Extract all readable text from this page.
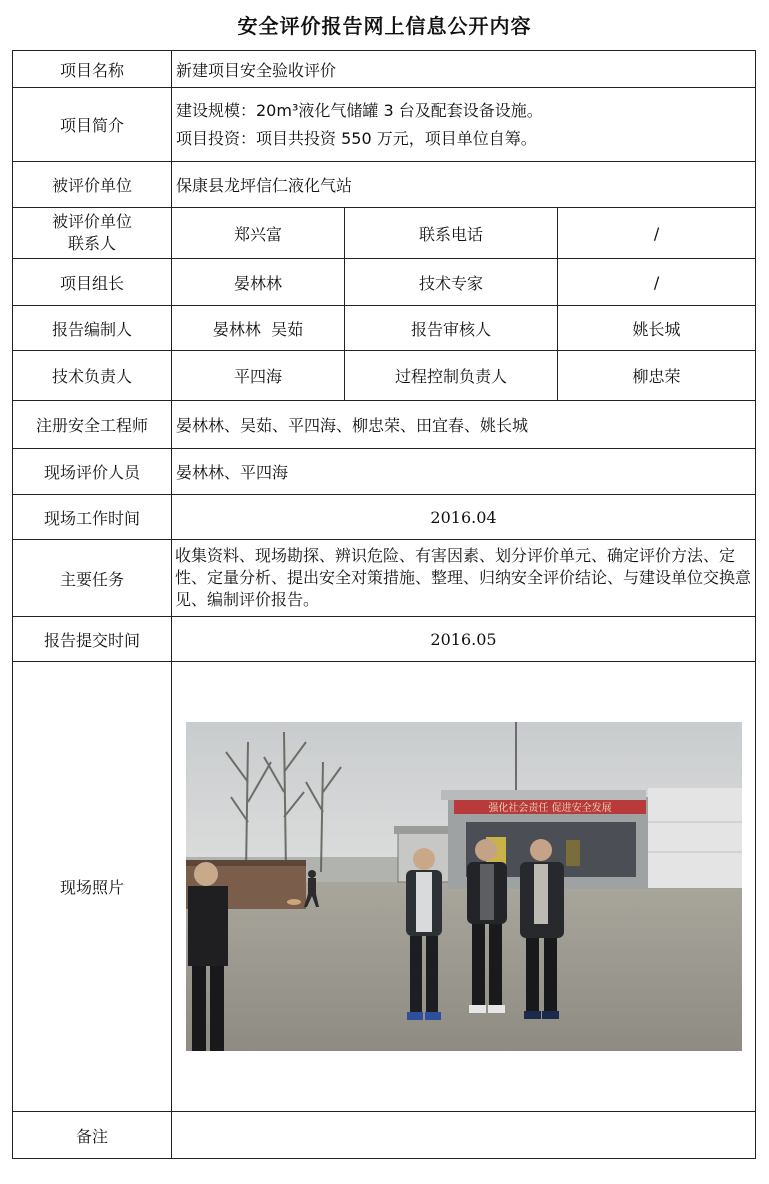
安全评价报告网上信息公开内容
项目名称	新建项目安全验收评价		
项目简介	建设规模：20m³液化气储罐 3 台及配套设备设施。
项目投资：项目共投资 550 万元，项目单位自筹。		

被评价单位	保康县龙坪信仁液化气站		

被评价单位
联系人	郑兴富	联系电话	/
项目组长	晏林林	技术专家	/
报告编制人	晏林林  吴茹	报告审核人	姚长城
技术负责人	平四海	过程控制负责人	柳忠荣
注册安全工程师	晏林林、吴茹、平四海、柳忠荣、田宜春、姚长城		
现场评价人员	晏林林、平四海		
现场工作时间	2016.04		
主要任务	收集资料、现场勘探、辨识危险、有害因素、划分评价单元、确定评价方法、定性、定量分析、提出安全对策措施、整理、归纳安全评价结论、与建设单位交换意见、编制评价报告。		
报告提交时间	2016.05		
现场照片	强化社会责任 促进安全发展		

备注			
